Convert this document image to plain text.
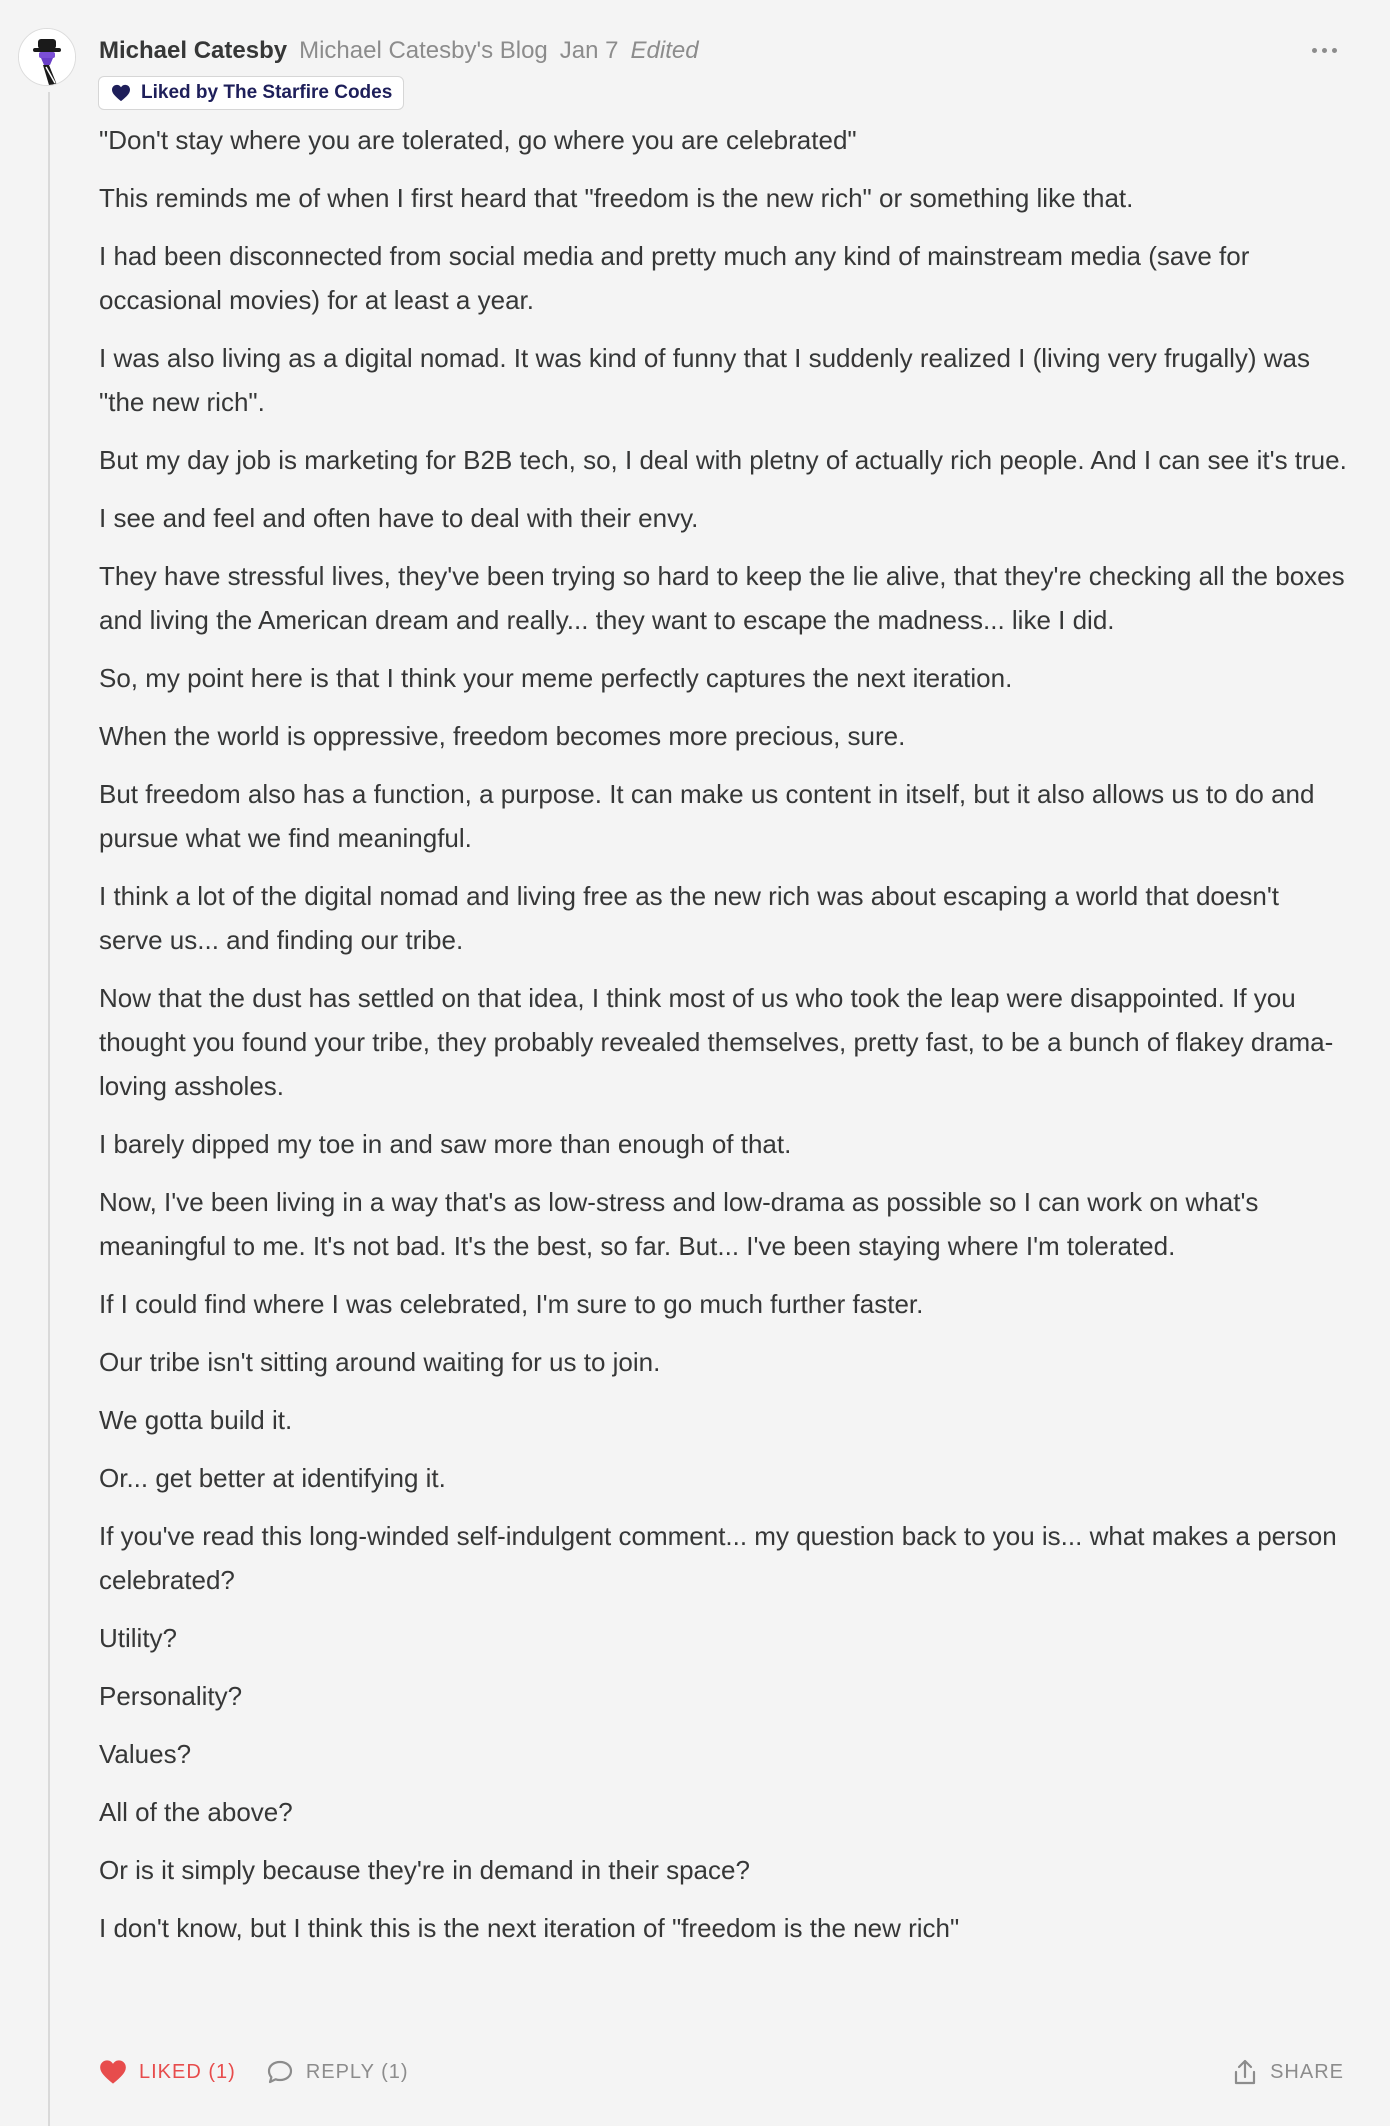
Michael Catesby Michael Catesby's Blog Jan 7 Edited
Liked by The Starfire Codes

"Don't stay where you are tolerated, go where you are celebrated"

This reminds me of when I first heard that "freedom is the new rich" or something like that.

I had been disconnected from social media and pretty much any kind of mainstream media (save for occasional movies) for at least a year.

I was also living as a digital nomad. It was kind of funny that I suddenly realized I (living very frugally) was "the new rich".

But my day job is marketing for B2B tech, so, I deal with pletny of actually rich people. And I can see it's true.

I see and feel and often have to deal with their envy.

They have stressful lives, they've been trying so hard to keep the lie alive, that they're checking all the boxes and living the American dream and really... they want to escape the madness... like I did.

So, my point here is that I think your meme perfectly captures the next iteration.

When the world is oppressive, freedom becomes more precious, sure.

But freedom also has a function, a purpose. It can make us content in itself, but it also allows us to do and pursue what we find meaningful.

I think a lot of the digital nomad and living free as the new rich was about escaping a world that doesn't serve us... and finding our tribe.

Now that the dust has settled on that idea, I think most of us who took the leap were disappointed. If you thought you found your tribe, they probably revealed themselves, pretty fast, to be a bunch of flakey drama-loving assholes.

I barely dipped my toe in and saw more than enough of that.

Now, I've been living in a way that's as low-stress and low-drama as possible so I can work on what's meaningful to me. It's not bad. It's the best, so far. But... I've been staying where I'm tolerated.

If I could find where I was celebrated, I'm sure to go much further faster.

Our tribe isn't sitting around waiting for us to join.

We gotta build it.

Or... get better at identifying it.

If you've read this long-winded self-indulgent comment... my question back to you is... what makes a person celebrated?

Utility?

Personality?

Values?

All of the above?

Or is it simply because they're in demand in their space?

I don't know, but I think this is the next iteration of "freedom is the new rich"

LIKED (1)	REPLY (1)	SHARE
